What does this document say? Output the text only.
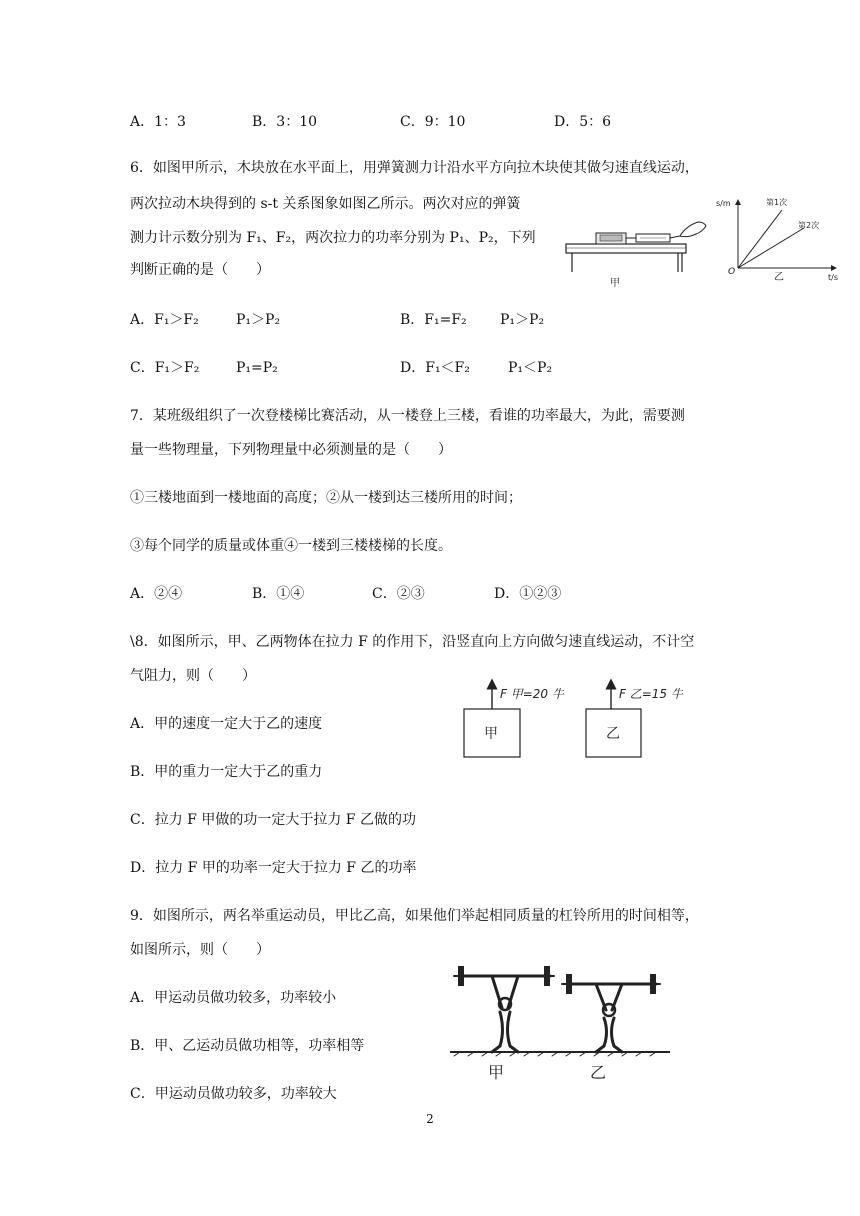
A．1：3	B．3：10	C．9：10	D．5：6
6．如图甲所示，木块放在水平面上，用弹簧测力计沿水平方向拉木块使其做匀速直线运动，
两次拉动木块得到的 s-t 关系图象如图乙所示。两次对应的弹簧
测力计示数分别为 F₁、F₂，两次拉力的功率分别为 P₁、P₂，下列
判断正确的是（　　）
甲
s/m
t/s
O	乙
第1次
第2次
A．F₁＞F₂	P₁＞P₂	B．F₁=F₂ P₁＞P₂
C．F₁＞F₂	P₁=P₂	D．F₁＜F₂	P₁＜P₂
7．某班级组织了一次登楼梯比赛活动，从一楼登上三楼，看谁的功率最大，为此，需要测
量一些物理量，下列物理量中必须测量的是（　　）
①三楼地面到一楼地面的高度；②从一楼到达三楼所用的时间；
③每个同学的质量或体重④一楼到三楼楼梯的长度。
A．②④	B．①④	C．②③	D．①②③
\8．如图所示，甲、乙两物体在拉力 F 的作用下，沿竖直向上方向做匀速直线运动，不计空
气阻力，则（　　）
甲	乙
F 甲=20 牛	F 乙=15 牛
A．甲的速度一定大于乙的速度
B．甲的重力一定大于乙的重力
C．拉力 F 甲做的功一定大于拉力 F 乙做的功
D．拉力 F 甲的功率一定大于拉力 F 乙的功率
9．如图所示，两名举重运动员，甲比乙高，如果他们举起相同质量的杠铃所用的时间相等，
如图所示，则（　　）
甲	乙
A．甲运动员做功较多，功率较小
B．甲、乙运动员做功相等，功率相等
C．甲运动员做功较多，功率较大
2
